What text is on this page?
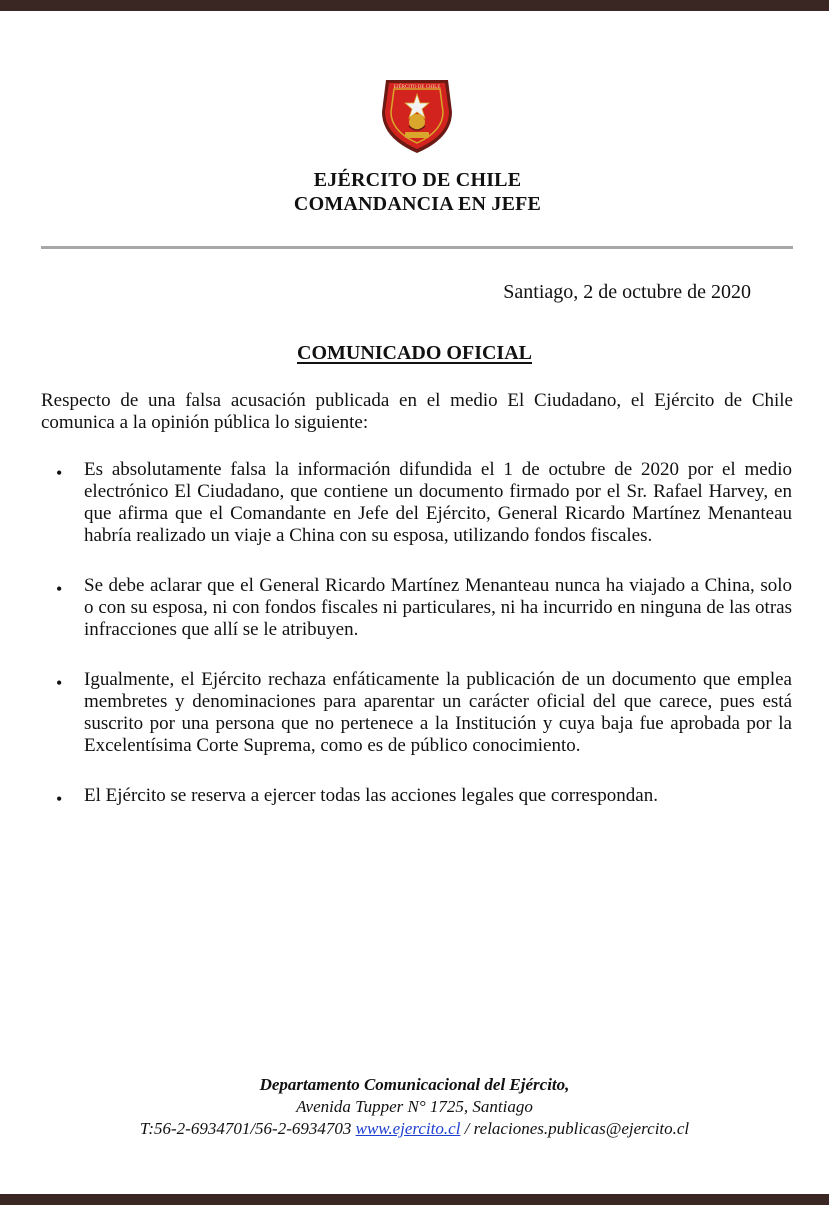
EJÉRCITO DE CHILE
EJÉRCITO DE CHILE
COMANDANCIA EN JEFE
Santiago, 2 de octubre de 2020
COMUNICADO OFICIAL

Respecto de una falsa acusación publicada en el medio El Ciudadano, el Ejército de Chile comunica a la opinión pública lo siguiente:

• Es absolutamente falsa la información difundida el 1 de octubre de 2020 por el medio electrónico El Ciudadano, que contiene un documento firmado por el Sr. Rafael Harvey, en que afirma que el Comandante en Jefe del Ejército, General Ricardo Martínez Menanteau habría realizado un viaje a China con su esposa, utilizando fondos fiscales.
• Se debe aclarar que el General Ricardo Martínez Menanteau nunca ha viajado a China, solo o con su esposa, ni con fondos fiscales ni particulares, ni ha incurrido en ninguna de las otras infracciones que allí se le atribuyen.
• Igualmente, el Ejército rechaza enfáticamente la publicación de un documento que emplea membretes y denominaciones para aparentar un carácter oficial del que carece, pues está suscrito por una persona que no pertenece a la Institución y cuya baja fue aprobada por la Excelentísima Corte Suprema, como es de público conocimiento.
• El Ejército se reserva a ejercer todas las acciones legales que correspondan.
Departamento Comunicacional del Ejército,
Avenida Tupper N° 1725, Santiago
T:56-2-6934701/56-2-6934703 www.ejercito.cl / relaciones.publicas@ejercito.cl
